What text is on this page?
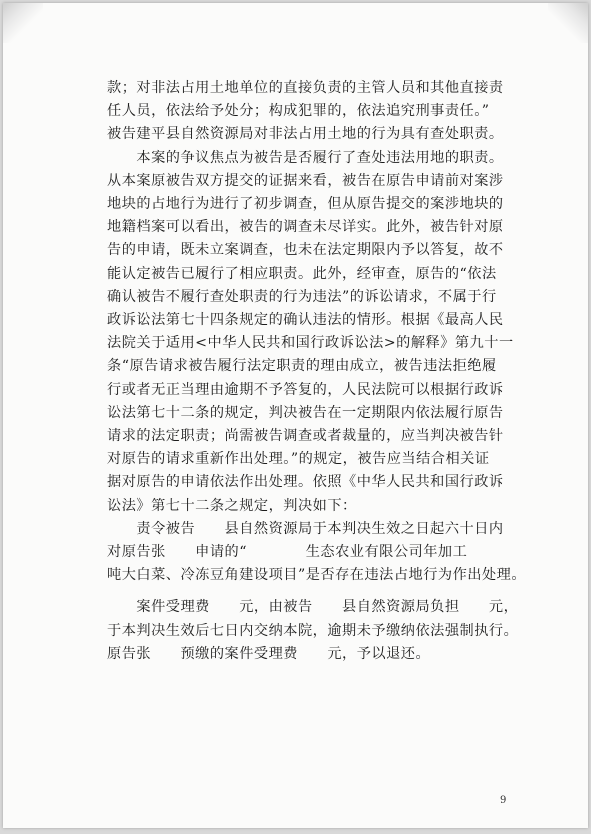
款；对非法占用土地单位的直接负责的主管人员和其他直接责
任人员，依法给予处分；构成犯罪的，依法追究刑事责任。”
被告建平县自然资源局对非法占用土地的行为具有查处职责。
　　本案的争议焦点为被告是否履行了查处违法用地的职责。
从本案原被告双方提交的证据来看，被告在原告申请前对案涉
地块的占地行为进行了初步调查，但从原告提交的案涉地块的
地籍档案可以看出，被告的调查未尽详实。此外，被告针对原
告的申请，既未立案调查，也未在法定期限内予以答复，故不
能认定被告已履行了相应职责。此外，经审查，原告的“依法
确认被告不履行查处职责的行为违法”的诉讼请求，不属于行
政诉讼法第七十四条规定的确认违法的情形。根据《最高人民
法院关于适用<中华人民共和国行政诉讼法>的解释》第九十一
条“原告请求被告履行法定职责的理由成立，被告违法拒绝履
行或者无正当理由逾期不予答复的，人民法院可以根据行政诉
讼法第七十二条的规定，判决被告在一定期限内依法履行原告
请求的法定职责；尚需被告调查或者裁量的，应当判决被告针
对原告的请求重新作出处理。”的规定，被告应当结合相关证
据对原告的申请依法作出处理。依照《中华人民共和国行政诉
讼法》第七十二条之规定，判决如下：
　　责令被告　　县自然资源局于本判决生效之日起六十日内
对原告张　　申请的“　　　　生态农业有限公司年加工
吨大白菜、冷冻豆角建设项目”是否存在违法占地行为作出处理。
　　案件受理费　　元，由被告　　县自然资源局负担　　元，
于本判决生效后七日内交纳本院，逾期未予缴纳依法强制执行。
原告张　　预缴的案件受理费　　元，予以退还。
9
